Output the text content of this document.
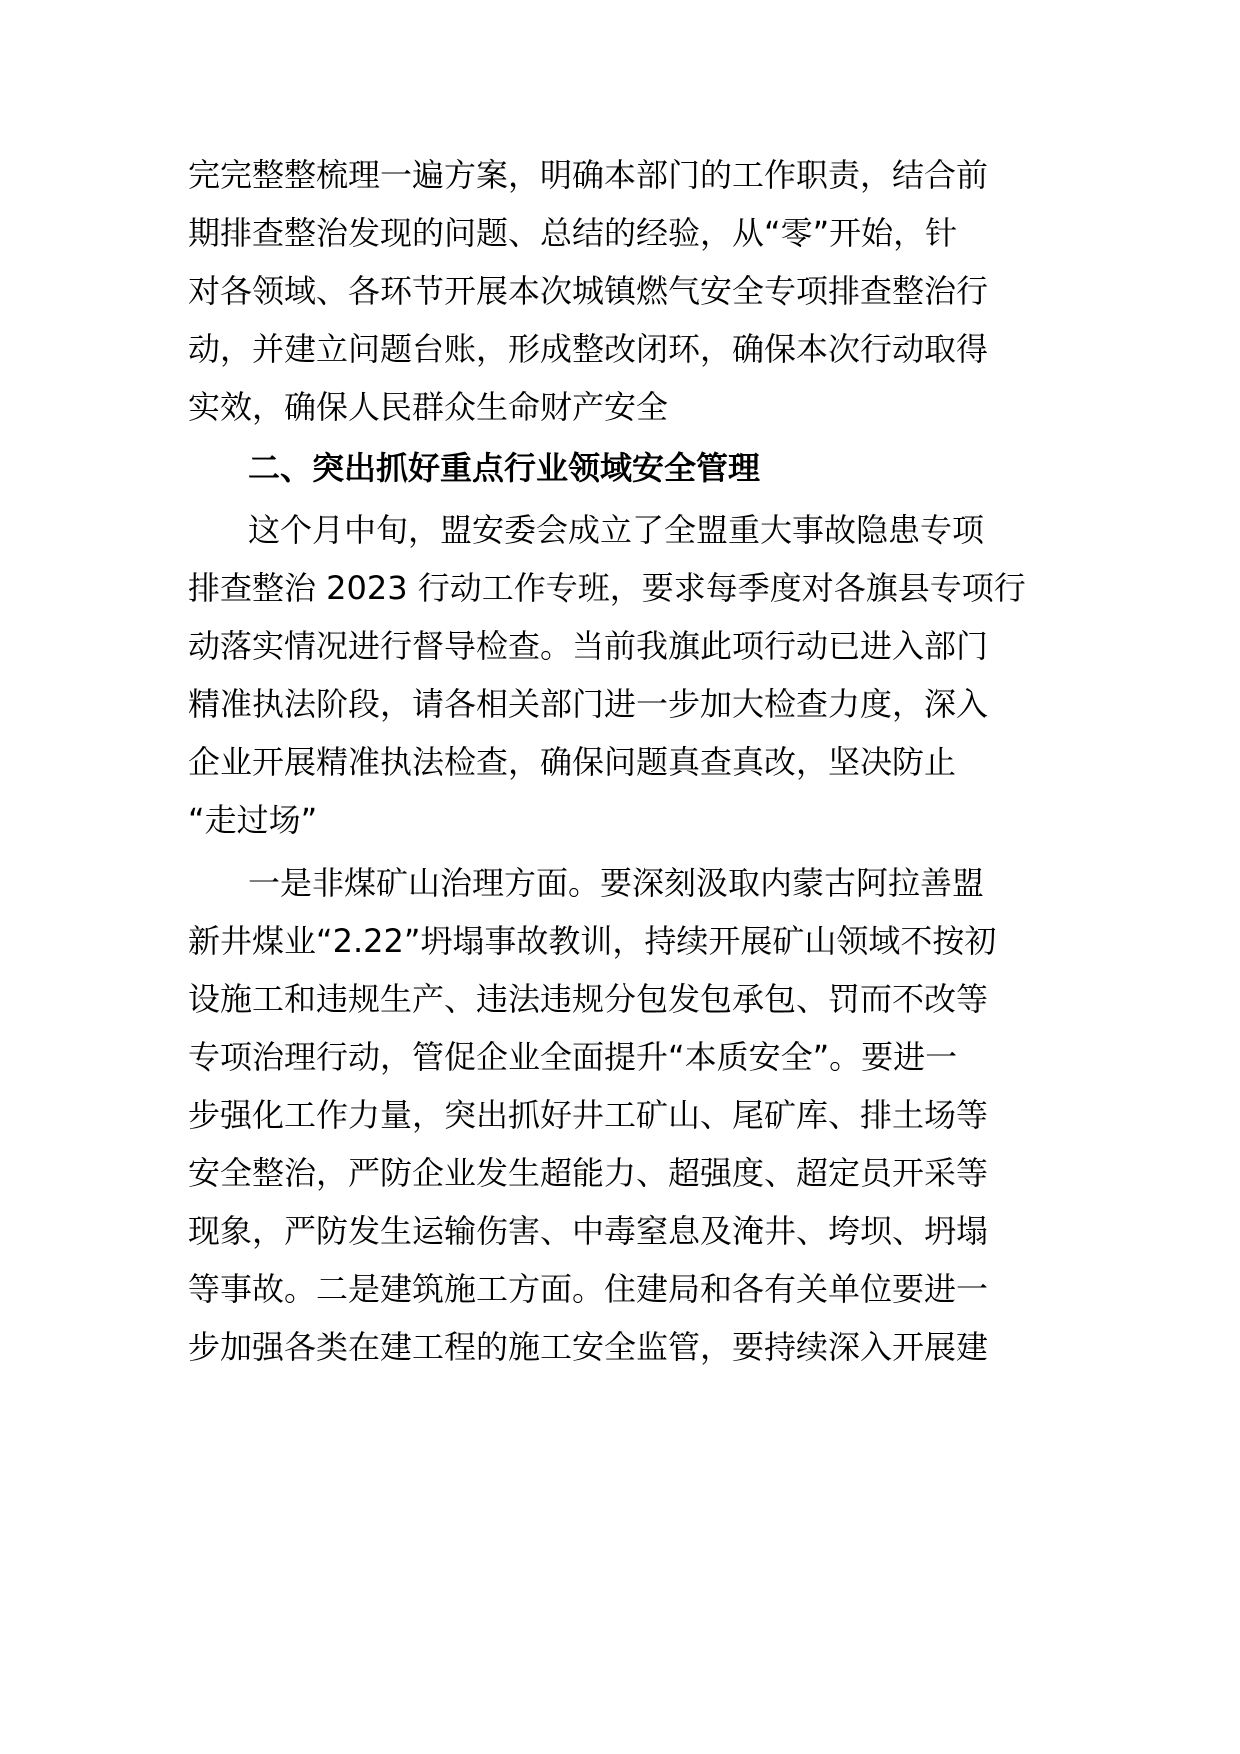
完完整整梳理一遍方案，明确本部门的工作职责，结合前
期排查整治发现的问题、总结的经验，从“零”开始，针
对各领域、各环节开展本次城镇燃气安全专项排查整治行
动，并建立问题台账，形成整改闭环，确保本次行动取得
实效，确保人民群众生命财产安全
二、突出抓好重点行业领域安全管理
这个月中旬，盟安委会成立了全盟重大事故隐患专项
排查整治 2023 行动工作专班，要求每季度对各旗县专项行
动落实情况进行督导检查。当前我旗此项行动已进入部门
精准执法阶段，请各相关部门进一步加大检查力度，深入
企业开展精准执法检查，确保问题真查真改，坚决防止
“走过场”
一是非煤矿山治理方面。要深刻汲取内蒙古阿拉善盟
新井煤业“2.22”坍塌事故教训，持续开展矿山领域不按初
设施工和违规生产、违法违规分包发包承包、罚而不改等
专项治理行动，管促企业全面提升“本质安全”。要进一
步强化工作力量，突出抓好井工矿山、尾矿库、排土场等
安全整治，严防企业发生超能力、超强度、超定员开采等
现象，严防发生运输伤害、中毒窒息及淹井、垮坝、坍塌
等事故。二是建筑施工方面。住建局和各有关单位要进一
步加强各类在建工程的施工安全监管，要持续深入开展建
